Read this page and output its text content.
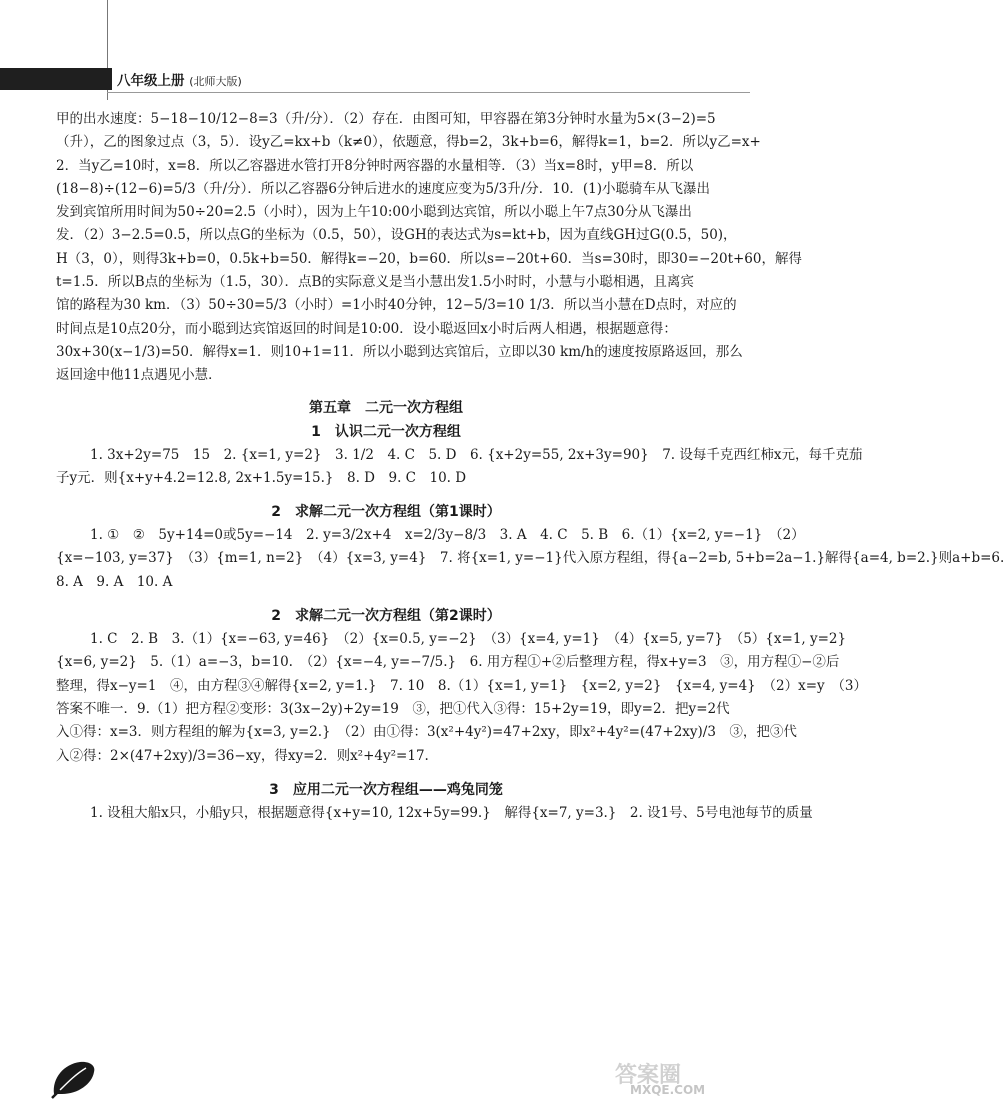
八年级上册 (北师大版)

甲的出水速度：5−18−10/12−8=3（升/分）．（2）存在．由图可知，甲容器在第3分钟时水量为5×(3−2)=5

（升），乙的图象过点（3，5）．设y乙=kx+b（k≠0），依题意，得b=2，3k+b=6，解得k=1，b=2．所以y乙=x+

2．当y乙=10时，x=8．所以乙容器进水管打开8分钟时两容器的水量相等．（3）当x=8时，y甲=8．所以

(18−8)÷(12−6)=5/3（升/分）．所以乙容器6分钟后进水的速度应变为5/3升/分．10．(1)小聪骑车从飞瀑出

发到宾馆所用时间为50÷20=2.5（小时），因为上午10:00小聪到达宾馆，所以小聪上午7点30分从飞瀑出

发．（2）3−2.5=0.5，所以点G的坐标为（0.5，50），设GH的表达式为s=kt+b，因为直线GH过G(0.5，50)，

H（3，0），则得3k+b=0，0.5k+b=50．解得k=−20，b=60．所以s=−20t+60．当s=30时，即30=−20t+60，解得

t=1.5．所以B点的坐标为（1.5，30）．点B的实际意义是当小慧出发1.5小时时，小慧与小聪相遇，且离宾

馆的路程为30 km．（3）50÷30=5/3（小时）=1小时40分钟，12−5/3=10 1/3．所以当小慧在D点时，对应的

时间点是10点20分，而小聪到达宾馆返回的时间是10:00．设小聪返回x小时后两人相遇，根据题意得：

30x+30(x−1/3)=50．解得x=1．则10+1=11．所以小聪到达宾馆后，立即以30 km/h的速度按原路返回，那么

返回途中他11点遇见小慧．

第五章　二元一次方程组
1　认识二元一次方程组

1. 3x+2y=75　15　2. {x=1, y=2}　3. 1/2　4. C　5. D　6. {x+2y=55, 2x+3y=90}　7. 设每千克西红柿x元，每千克茄

子y元．则{x+y+4.2=12.8, 2x+1.5y=15.}　8. D　9. C　10. D

2　求解二元一次方程组（第1课时）

1. ①　②　5y+14=0或5y=−14　2. y=3/2x+4　x=2/3y−8/3　3. A　4. C　5. B　6.（1）{x=2, y=−1}　（2）

{x=−103, y=37}　（3）{m=1, n=2}　（4）{x=3, y=4}　7. 将{x=1, y=−1}代入原方程组，得{a−2=b, 5+b=2a−1.}解得{a=4, b=2.}则a+b=6.

8. A　9. A　10. A

2　求解二元一次方程组（第2课时）

1. C　2. B　3.（1）{x=−63, y=46}　（2）{x=0.5, y=−2}　（3）{x=4, y=1}　（4）{x=5, y=7}　（5）{x=1, y=2}

{x=6, y=2}　5.（1）a=−3，b=10.　（2）{x=−4, y=−7/5.}　6. 用方程①+②后整理方程，得x+y=3　③，用方程①−②后

整理，得x−y=1　④，由方程③④解得{x=2, y=1.}　7. 10　8.（1）{x=1, y=1}　{x=2, y=2}　{x=4, y=4}　（2）x=y　（3）

答案不唯一．9.（1）把方程②变形：3(3x−2y)+2y=19　③，把①代入③得：15+2y=19，即y=2．把y=2代

入①得：x=3．则方程组的解为{x=3, y=2.}　（2）由①得：3(x²+4y²)=47+2xy，即x²+4y²=(47+2xy)/3　③，把③代

入②得：2×(47+2xy)/3=36−xy，得xy=2．则x²+4y²=17.

3　应用二元一次方程组——鸡兔同笼

1. 设租大船x只，小船y只，根据题意得{x+y=10, 12x+5y=99.}　解得{x=7, y=3.}　2. 设1号、5号电池每节的质量

答案圈
MXQE.COM
